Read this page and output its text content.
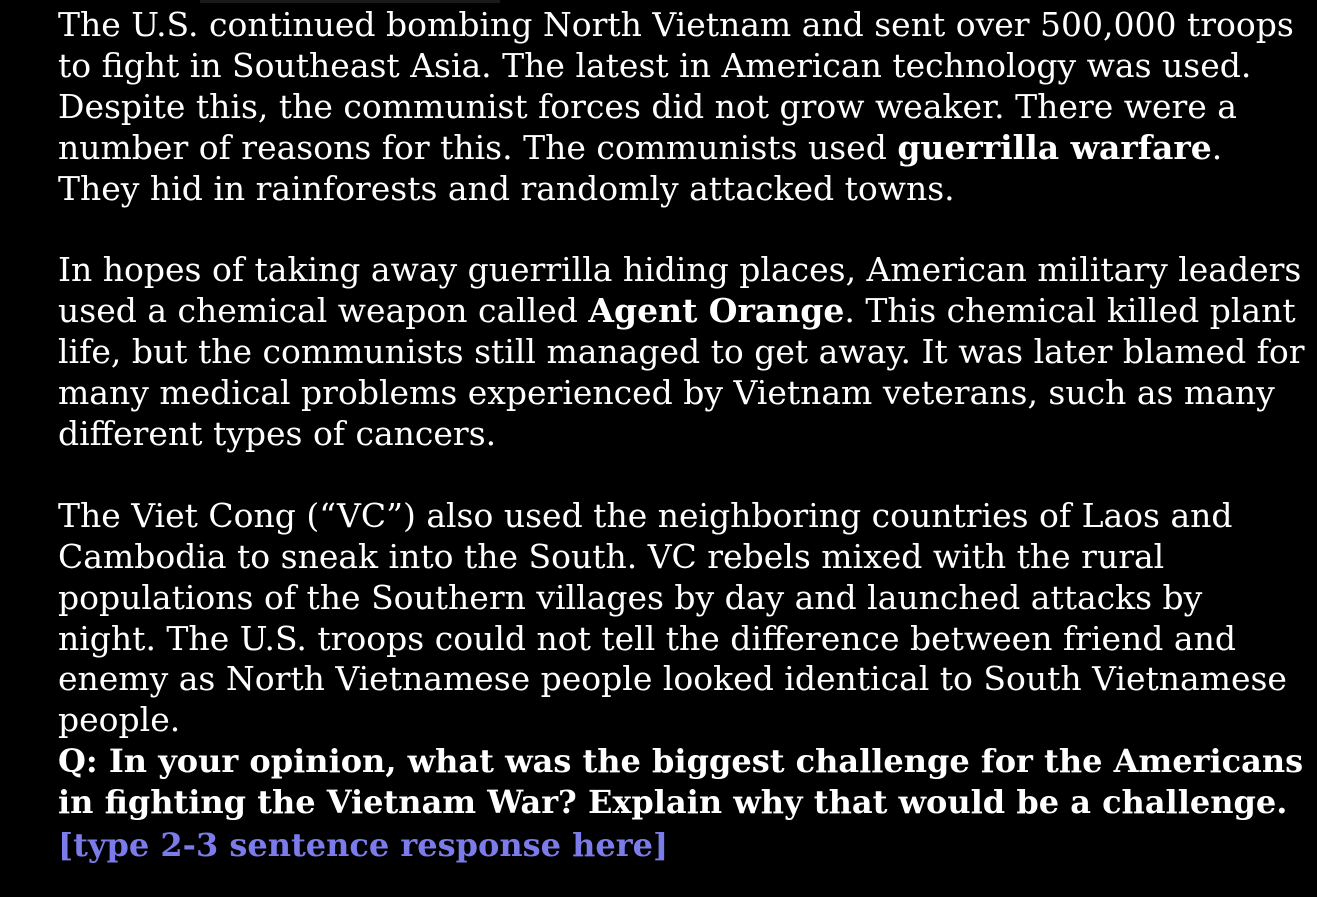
The U.S. continued bombing North Vietnam and sent over 500,000 troops to fight in Southeast Asia. The latest in American technology was used. Despite this, the communist forces did not grow weaker. There were a number of reasons for this. The communists used guerrilla warfare. They hid in rainforests and randomly attacked towns.

In hopes of taking away guerrilla hiding places, American military leaders used a chemical weapon called Agent Orange. This chemical killed plant life, but the communists still managed to get away. It was later blamed for many medical problems experienced by Vietnam veterans, such as many different types of cancers.

The Viet Cong (“VC”) also used the neighboring countries of Laos and Cambodia to sneak into the South. VC rebels mixed with the rural populations of the Southern villages by day and launched attacks by night. The U.S. troops could not tell the difference between friend and enemy as North Vietnamese people looked identical to South Vietnamese people.

Q: In your opinion, what was the biggest challenge for the Americans in fighting the Vietnam War? Explain why that would be a challenge.

[type 2-3 sentence response here]
